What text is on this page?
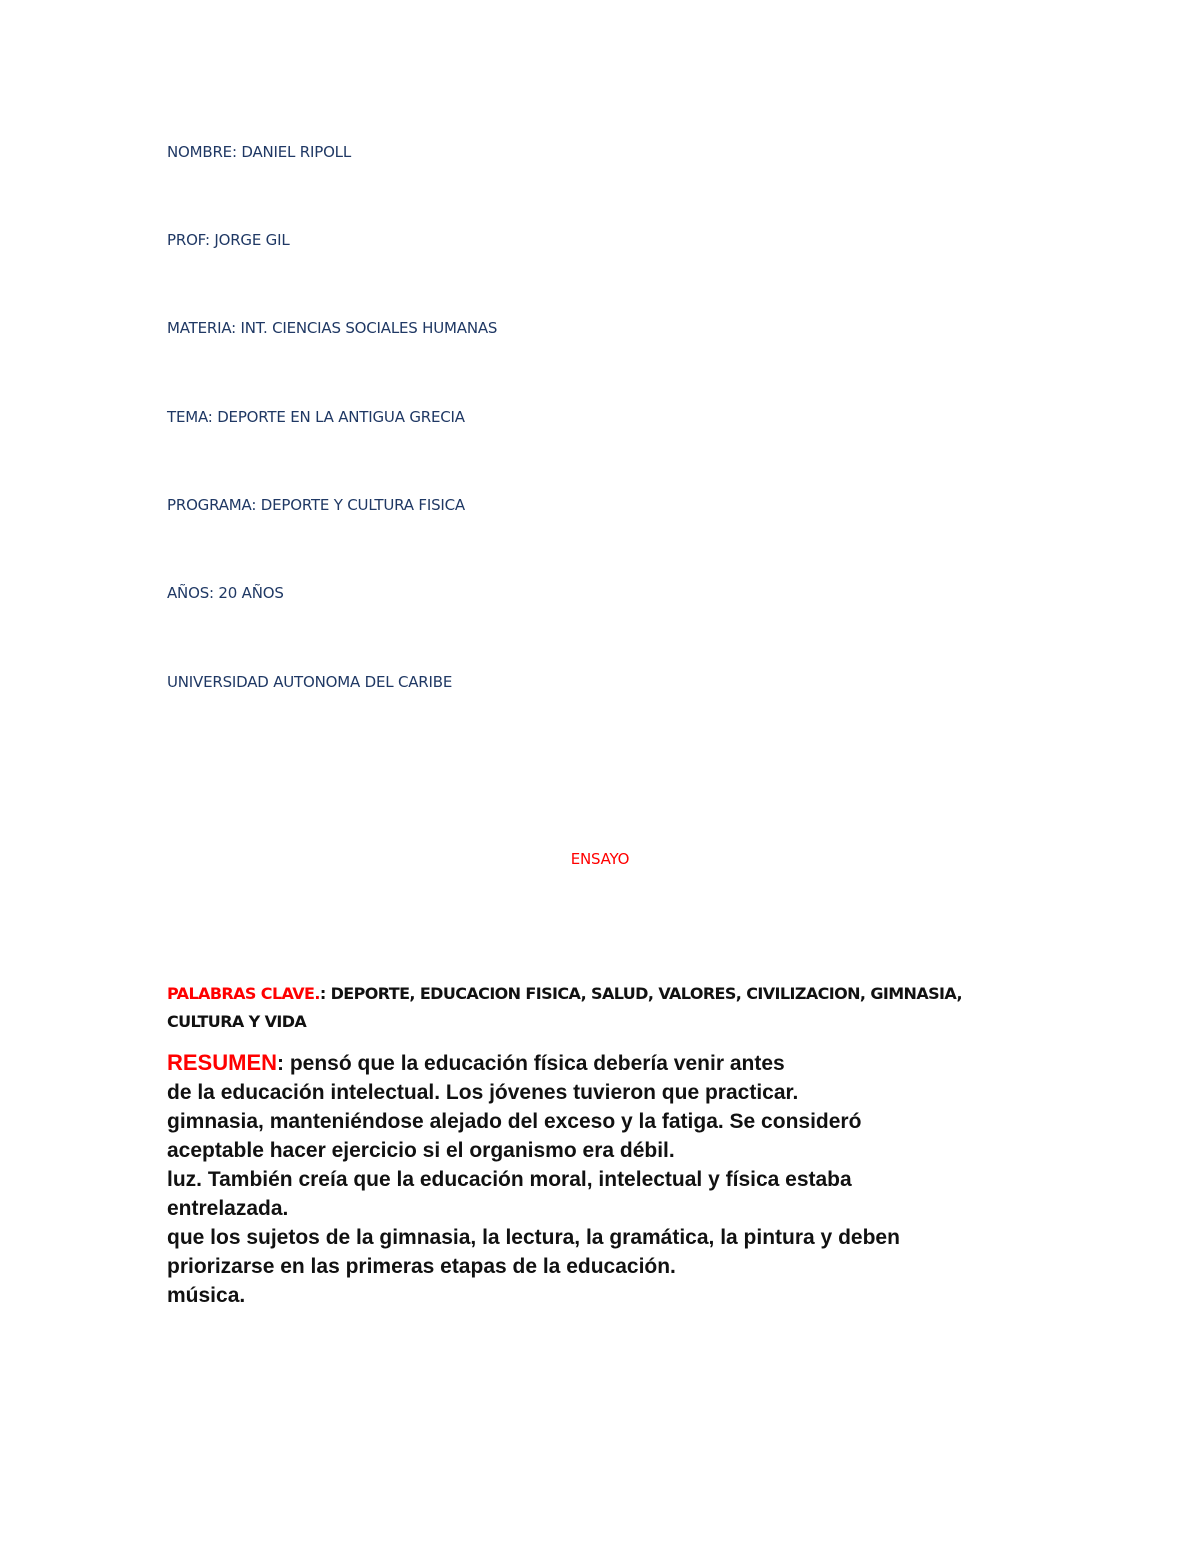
NOMBRE: DANIEL RIPOLL
PROF: JORGE GIL
MATERIA: INT. CIENCIAS SOCIALES HUMANAS
TEMA: DEPORTE EN LA ANTIGUA GRECIA
PROGRAMA: DEPORTE Y CULTURA FISICA
AÑOS: 20 AÑOS
UNIVERSIDAD AUTONOMA DEL CARIBE
ENSAYO
PALABRAS CLAVE.: DEPORTE, EDUCACION FISICA, SALUD, VALORES, CIVILIZACION, GIMNASIA, CULTURA Y VIDA
RESUMEN: pensó que la educación física debería venir antes
de la educación intelectual. Los jóvenes tuvieron que practicar.
gimnasia, manteniéndose alejado del exceso y la fatiga. Se consideró
aceptable hacer ejercicio si el organismo era débil.
luz. También creía que la educación moral, intelectual y física estaba
entrelazada.
que los sujetos de la gimnasia, la lectura, la gramática, la pintura y deben
priorizarse en las primeras etapas de la educación.
música.
